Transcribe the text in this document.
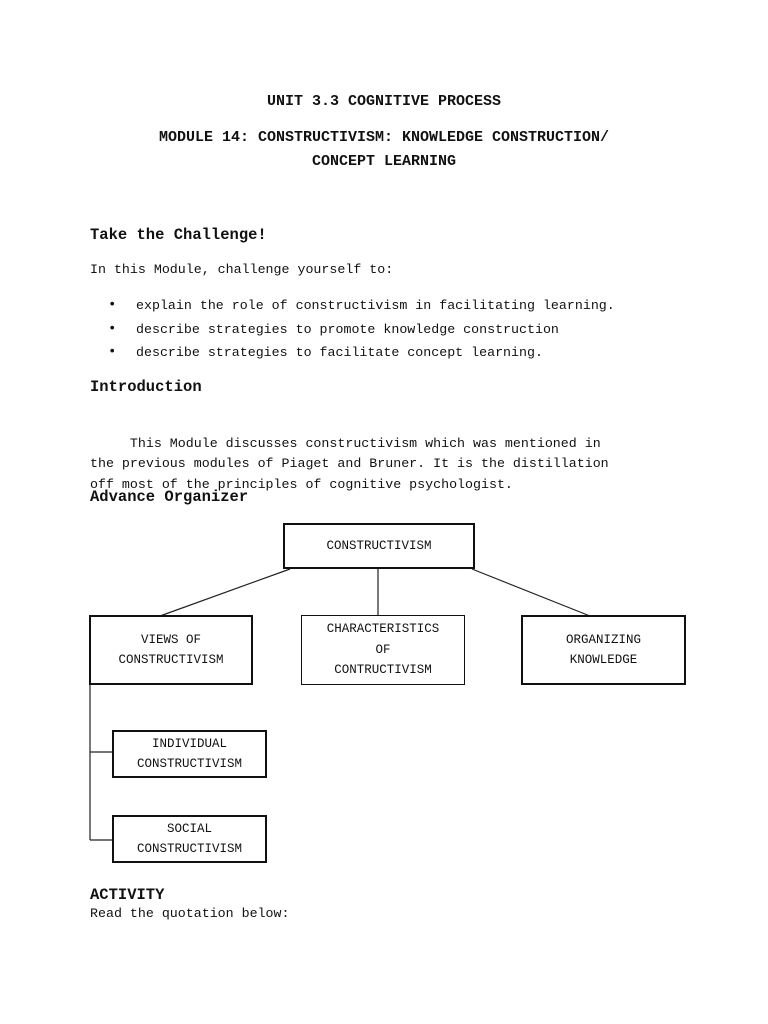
UNIT 3.3 COGNITIVE PROCESS
MODULE 14: CONSTRUCTIVISM: KNOWLEDGE CONSTRUCTION/
CONCEPT LEARNING
Take the Challenge!
In this Module, challenge yourself to:
• explain the role of constructivism in facilitating learning.
• describe strategies to promote knowledge construction
• describe strategies to facilitate concept learning.
Introduction

This Module discusses constructivism which was mentioned in
the previous modules of Piaget and Bruner. It is the distillation
off most of the principles of cognitive psychologist.

Advance Organizer
CONSTRUCTIVISM
VIEWS OF
CONSTRUCTIVISM
CHARACTERISTICS
OF
CONTRUCTIVISM
ORGANIZING
KNOWLEDGE
INDIVIDUAL
CONSTRUCTIVISM
SOCIAL
CONSTRUCTIVISM
ACTIVITY
Read the quotation below:
